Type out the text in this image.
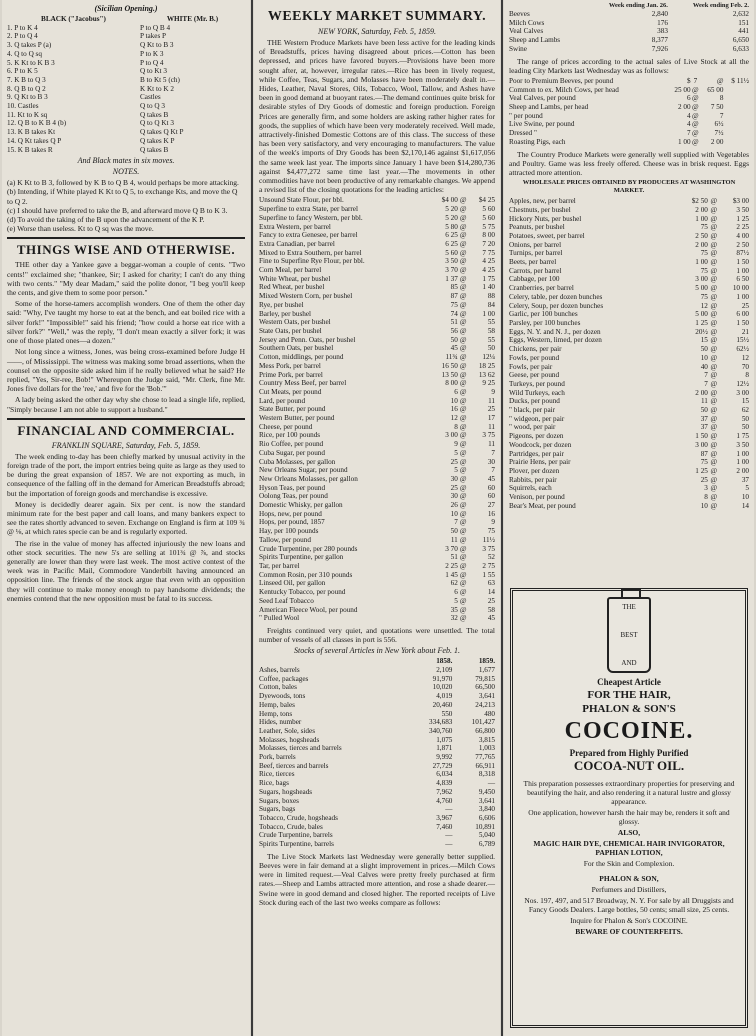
(Sicilian Opening.)
BLACK ("Jacobus")	WHITE (Mr. B.)
1. P to K 4	P to Q B 4
2. P to Q 4	P takes P
3. Q takes P (a)	Q Kt to B 3
4. Q to Q sq	P to K 3
5. K Kt to K B 3	P to Q 4
6. P to K 5	Q to Kt 3
7. K B to Q 3	B to Kt 5 (ch)
8. Q B to Q 2	K Kt to K 2
9. Q Kt to B 3	Castles
10. Castles	Q to Q 3
11. Kt to K sq	Q takes B
12. Q B to K B 4 (b)	Q to Q Kt 3
13. K B takes Kt	Q takes Q Kt P
14. Q Kt takes Q P	Q takes K P
15. K B takes R	Q takes B
And Black mates in six moves.
NOTES.

(a) K Kt to B 3, followed by K B to Q B 4, would perhaps be more attacking.

(b) Intending, if White played K Kt to Q 5, to exchange Kts, and move the Q to Q 2.

(c) I should have preferred to take the B, and afterward move Q B to K 3.

(d) To avoid the taking of the B upon the advancement of the K P.

(e) Worse than useless. Kt to Q sq was the move.

THINGS WISE AND OTHERWISE.

THE other day a Yankee gave a beggar-woman a couple of cents. "Two cents!" exclaimed she; "thankee, Sir; I asked for charity; I can't do any thing with two cents." "My dear Madam," said the polite donor, "I beg you'll keep the cents, and give them to some poor person."

Some of the horse-tamers accomplish wonders. One of them the other day said: "Why, I've taught my horse to eat at the bench, and eat boiled rice with a silver fork!" "Impossible!" said his friend; "how could a horse eat rice with a silver fork?" "Well," was the reply, "I don't mean exactly a silver fork; it was one of those plated ones—a dozen."

Not long since a witness, Jones, was being cross-examined before Judge H——, of Mississippi. The witness was making some broad assertions, when the counsel on the opposite side asked him if he really believed what he said? He replied, "Yes, Sir-ree, Bob!" Whereupon the Judge said, "Mr. Clerk, fine Mr. Jones five dollars for the 'ree,' and five for the 'Bob.'"

A lady being asked the other day why she chose to lead a single life, replied, "Simply because I am not able to support a husband."

FINANCIAL AND COMMERCIAL.
FRANKLIN SQUARE, Saturday, Feb. 5, 1859.

The week ending to-day has been chiefly marked by unusual activity in the foreign trade of the port, the import entries being quite as large as they used to be during the great expansion of 1857. We are not exporting as much, in consequence of the falling off in the demand for American Breadstuffs abroad; but the importation of foreign goods and merchandise is excessive.

Money is decidedly dearer again. Six per cent. is now the standard minimum rate for the best paper and call loans, and many bankers expect to see the rates shortly advanced to seven. Exchange on England is firm at 109 ¾ @ ⅛, at which rates specie can be and is regularly exported.

The rise in the value of money has affected injuriously the new loans and other stock securities. The new 5's are selling at 101¾ @ ⅞, and stocks generally are lower than they were last week. The most active contest of the week was in Pacific Mail, Commodore Vanderbilt having announced an opposition line. The friends of the stock argue that even with an opposition they will continue to make money enough to pay handsome dividends; the enemies contend that the new opposition must be fatal to its success.

WEEKLY MARKET SUMMARY.
NEW YORK, Saturday, Feb. 5, 1859.

THE Western Produce Markets have been less active for the leading kinds of Breadstuffs, prices having disagreed about prices.—Cotton has been depressed, and prices have favored buyers.—Provisions have been more sought after, at, however, irregular rates.—Rice has been in lively request, while Coffee, Teas, Sugars, and Molasses have been moderately dealt in.—Hides, Leather, Naval Stores, Oils, Tobacco, Wool, Tallow, and Ashes have been in good demand at buoyant rates.—The demand continues quite brisk for desirable styles of Dry Goods of domestic and foreign production. Foreign Prices are generally firm, and some holders are asking rather higher rates for goods, the supplies of which have been very moderately received. Well made, attractively-finished Domestic Cottons are of this class. The success of these has been very satisfactory, and very encouraging to manufacturers. The value of the week's imports of Dry Goods has been $2,170,146 against $1,617,056 the same week last year. The imports since January 1 have been $14,280,736 against $4,477,272 same time last year.—The movements in other commodities have not been productive of any remarkable changes. We append a revised list of the closing quotations for the leading articles:

Unsound State Flour, per bbl.	$4 00	@	$4 25
Superfine to extra State, per barrel	5 20	@	5 60
Superfine to fancy Western, per bbl.	5 20	@	5 60
Extra Western, per barrel	5 80	@	5 75
Fancy to extra Genesee, per barrel	6 25	@	8 00
Extra Canadian, per barrel	6 25	@	7 20
Mixed to Extra Southern, per barrel	5 60	@	7 75
Fine to Superfine Rye Flour, per bbl.	3 50	@	4 25
Corn Meal, per barrel	3 70	@	4 25
White Wheat, per bushel	1 37	@	1 75
Red Wheat, per bushel	85	@	1 40
Mixed Western Corn, per bushel	87	@	88
Rye, per bushel	75	@	84
Barley, per bushel	74	@	1 00
Western Oats, per bushel	51	@	55
State Oats, per bushel	56	@	58
Jersey and Penn. Oats, per bushel	50	@	55
Southern Oats, per bushel	45	@	50
Cotton, middlings, per pound	11¾	@	12¼
Mess Pork, per barrel	16 50	@	18 25
Prime Pork, per barrel	13 50	@	13 62
Country Mess Beef, per barrel	8 00	@	9 25
Cut Meats, per pound	6	@	9
Lard, per pound	10	@	11
State Butter, per pound	16	@	25
Western Butter, per pound	12	@	17
Cheese, per pound	8	@	11
Rice, per 100 pounds	3 00	@	3 75
Rio Coffee, per pound	9	@	11
Cuba Sugar, per pound	5	@	7
Cuba Molasses, per gallon	25	@	30
New Orleans Sugar, per pound	5	@	7
New Orleans Molasses, per gallon	30	@	45
Hyson Teas, per pound	25	@	60
Oolong Teas, per pound	30	@	60
Domestic Whisky, per gallon	26	@	27
Hops, new, per pound	10	@	16
Hops, per pound, 1857	7	@	9
Hay, per 100 pounds	50	@	75
Tallow, per pound	11	@	11½
Crude Turpentine, per 280 pounds	3 70	@	3 75
Spirits Turpentine, per gallon	51	@	52
Tar, per barrel	2 25	@	2 75
Common Rosin, per 310 pounds	1 45	@	1 55
Linseed Oil, per gallon	62	@	63
Kentucky Tobacco, per pound	6	@	14
Seed Leaf Tobacco	5	@	25
American Fleece Wool, per pound	35	@	58
" Pulled Wool	32	@	45

Freights continued very quiet, and quotations were unsettled. The total number of vessels of all classes in port is 556.

Stocks of several Articles in New York about Feb. 1.
	1858.	1859.
Ashes, barrels	2,109	1,677
Coffee, packages	91,970	79,815
Cotton, bales	10,020	66,500
Dyewoods, tons	4,019	3,641
Hemp, bales	20,460	24,213
Hemp, tons	550	480
Hides, number	334,683	101,427
Leather, Sole, sides	340,760	66,800
Molasses, hogsheads	1,075	3,815
Molasses, tierces and barrels	1,871	1,003
Pork, barrels	9,992	77,765
Beef, tierces and barrels	27,729	66,911
Rice, tierces	6,034	8,318
Rice, bags	4,839	—
Sugars, hogsheads	7,962	9,450
Sugars, boxes	4,760	3,641
Sugars, bags	—	3,840
Tobacco, Crude, hogsheads	3,967	6,606
Tobacco, Crude, bales	7,460	10,891
Crude Turpentine, barrels	—	5,040
Spirits Turpentine, barrels	—	6,789

The Live Stock Markets last Wednesday were generally better supplied. Beeves were in fair demand at a slight improvement in prices.—Milch Cows were in limited request.—Veal Calves were pretty freely purchased at firm rates.—Sheep and Lambs attracted more attention, and rose a shade dearer.—Swine were in good demand and closed higher. The reported receipts of Live Stock during each of the last two weeks compare as follows:

	Week ending Jan. 26.	Week ending Feb. 2.
Beeves	2,840	2,632
Milch Cows	176	151
Veal Calves	383	441
Sheep and Lambs	8,377	6,650
Swine	7,926	6,633

The range of prices according to the actual sales of Live Stock at all the leading City Markets last Wednesday was as follows:

Poor to Premium Beeves, per pound	$	7	@	$ 11½
Common to ex. Milch Cows, per head	25 00	@	65 00	
Veal Calves, per pound	6	@	8	
Sheep and Lambs, per head	2 00	@	7 50	
" per pound	4	@	7	
Live Swine, per pound	4	@	6½	
Dressed "	7	@	7½	
Roasting Pigs, each	1 00	@	2 00	

The Country Produce Markets were generally well supplied with Vegetables and Poultry. Game was less freely offered. Cheese was in brisk request. Eggs attracted more attention.

WHOLESALE PRICES OBTAINED BY PRODUCERS AT WASHINGTON MARKET.
Apples, new, per barrel	$2 50	@	$3 00
Chestnuts, per bushel	2 00	@	3 50
Hickory Nuts, per bushel	1 00	@	1 25
Peanuts, per bushel	75	@	2 25
Potatoes, sweet, per barrel	2 50	@	4 00
Onions, per barrel	2 00	@	2 50
Turnips, per barrel	75	@	87½
Beets, per barrel	1 00	@	1 50
Carrots, per barrel	75	@	1 00
Cabbage, per 100	3 00	@	6 50
Cranberries, per barrel	5 00	@	10 00
Celery, table, per dozen bunches	75	@	1 00
Celery, Soup, per dozen bunches	12	@	25
Garlic, per 100 bunches	5 00	@	6 00
Parsley, per 100 bunches	1 25	@	1 50
Eggs, N. Y. and N. J., per dozen	20½	@	21
Eggs, Western, limed, per dozen	15	@	15½
Chickens, per pair	50	@	62½
Fowls, per pound	10	@	12
Fowls, per pair	40	@	70
Geese, per pound	7	@	8
Turkeys, per pound	7	@	12½
Wild Turkeys, each	2 00	@	3 00
Ducks, per pound	11	@	15
" black, per pair	50	@	62
" widgeon, per pair	37	@	50
" wood, per pair	37	@	50
Pigeons, per dozen	1 50	@	1 75
Woodcock, per dozen	3 00	@	3 50
Partridges, per pair	87	@	1 00
Prairie Hens, per pair	75	@	1 00
Plover, per dozen	1 25	@	2 00
Rabbits, per pair	25	@	37
Squirrels, each	3	@	5
Venison, per pound	8	@	10
Bear's Meat, per pound	10	@	14
THE
BEST
AND
Cheapest Article
FOR THE HAIR,
PHALON & SON'S
COCOINE.
Prepared from Highly Purified
COCOA-NUT OIL.

This preparation possesses extraordinary properties for preserving and beautifying the hair, and also rendering it a natural lustre and glossy appearance.

One application, however harsh the hair may be, renders it soft and glossy.

ALSO,

MAGIC HAIR DYE, CHEMICAL HAIR INVIGORATOR, PAPHIAN LOTION,

For the Skin and Complexion.

PHALON & SON,

Perfumers and Distillers,

Nos. 197, 497, and 517 Broadway, N. Y. For sale by all Druggists and Fancy Goods Dealers. Large bottles, 50 cents; small size, 25 cents.

Inquire for Phalon & Son's COCOINE.

BEWARE OF COUNTERFEITS.
